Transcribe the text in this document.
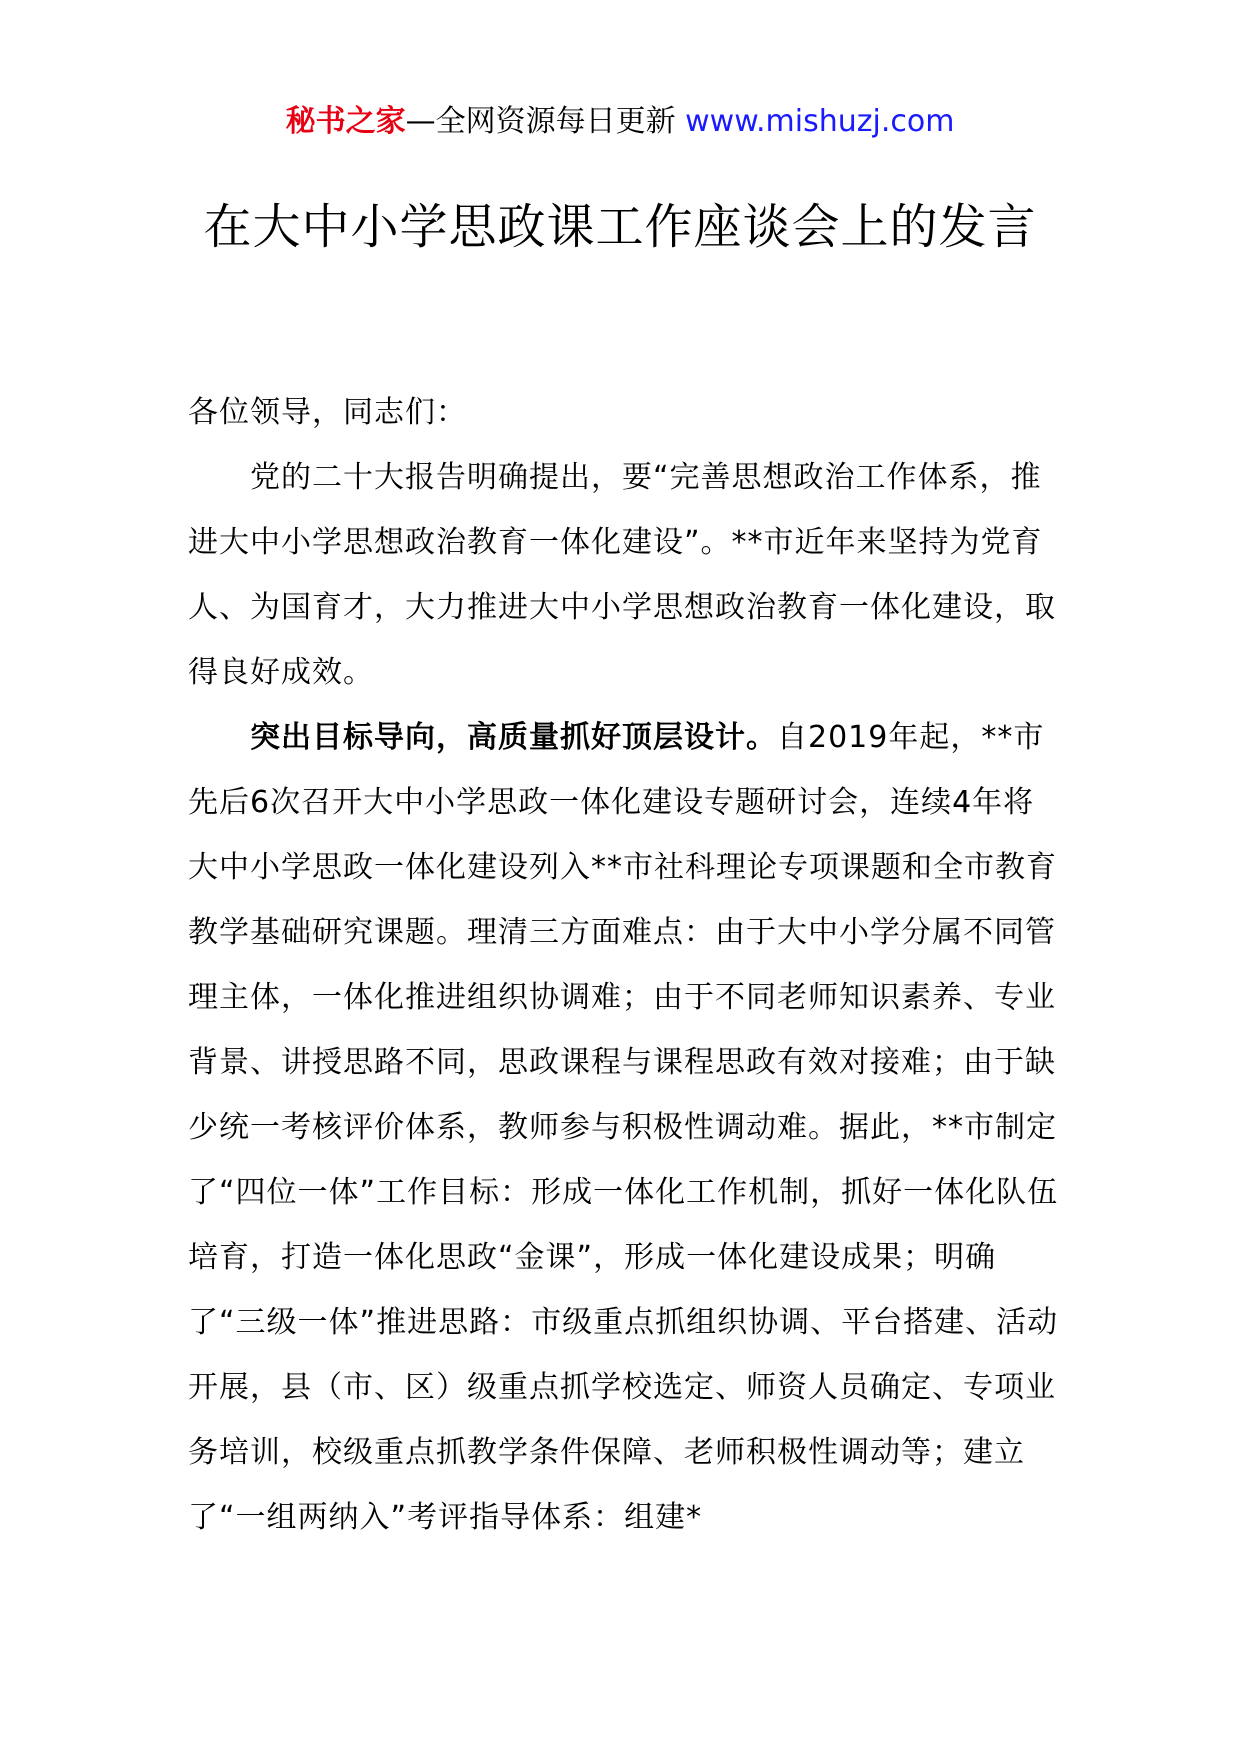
秘书之家—全网资源每日更新 www.mishuzj.com
在大中小学思政课工作座谈会上的发言

各位领导，同志们：

党的二十大报告明确提出，要“完善思想政治工作体系，推进大中小学思想政治教育一体化建设”。**市近年来坚持为党育人、为国育才，大力推进大中小学思想政治教育一体化建设，取得良好成效。

突出目标导向，高质量抓好顶层设计。自2019年起，**市先后6次召开大中小学思政一体化建设专题研讨会，连续4年将大中小学思政一体化建设列入**市社科理论专项课题和全市教育教学基础研究课题。理清三方面难点：由于大中小学分属不同管理主体，一体化推进组织协调难；由于不同老师知识素养、专业背景、讲授思路不同，思政课程与课程思政有效对接难；由于缺少统一考核评价体系，教师参与积极性调动难。据此，**市制定了“四位一体”工作目标：形成一体化工作机制，抓好一体化队伍培育，打造一体化思政“金课”，形成一体化建设成果；明确了“三级一体”推进思路：市级重点抓组织协调、平台搭建、活动开展，县（市、区）级重点抓学校选定、师资人员确定、专项业务培训，校级重点抓教学条件保障、老师积极性调动等；建立了“一组两纳入”考评指导体系：组建*
